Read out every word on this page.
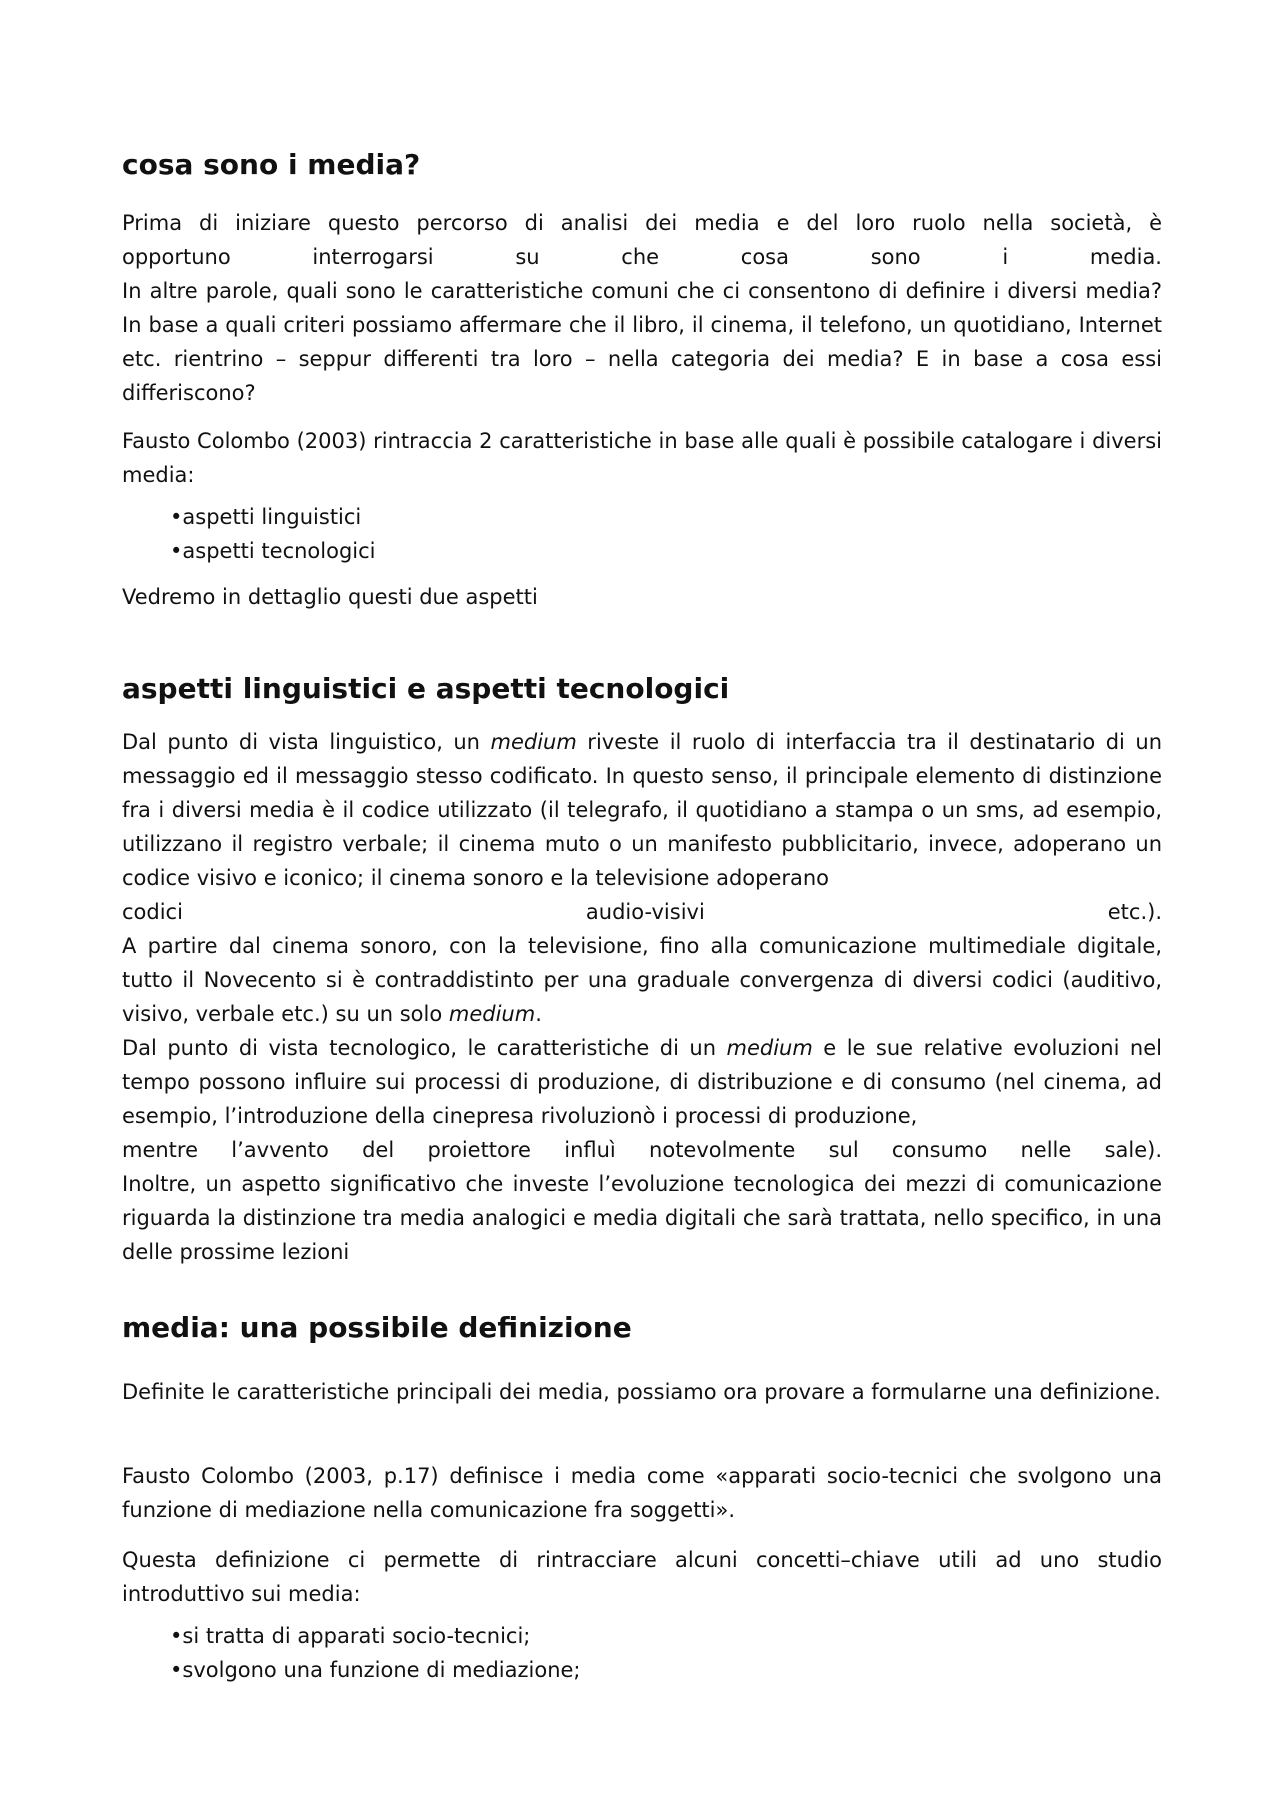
cosa sono i media?

Prima di iniziare questo percorso di analisi dei media e del loro ruolo nella società, è

opportuno interrogarsi su che cosa sono i media.

In altre parole, quali sono le caratteristiche comuni che ci consentono di definire i diversi media? In base a quali criteri possiamo affermare che il libro, il cinema, il telefono, un quotidiano, Internet etc. rientrino – seppur differenti tra loro – nella categoria dei media? E in base a cosa essi differiscono?

Fausto Colombo (2003) rintraccia 2 caratteristiche in base alle quali è possibile catalogare i diversi media:

• aspetti linguistici
• aspetti tecnologici

Vedremo in dettaglio questi due aspetti

aspetti linguistici e aspetti tecnologici

Dal punto di vista linguistico, un medium riveste il ruolo di interfaccia tra il destinatario di un messaggio ed il messaggio stesso codificato. In questo senso, il principale elemento di distinzione fra i diversi media è il codice utilizzato (il telegrafo, il quotidiano a stampa o un sms, ad esempio, utilizzano il registro verbale; il cinema muto o un manifesto pubblicitario, invece, adoperano un codice visivo e iconico; il cinema sonoro e la televisione adoperano

codici audio-visivi etc.).

A partire dal cinema sonoro, con la televisione, fino alla comunicazione multimediale digitale, tutto il Novecento si è contraddistinto per una graduale convergenza di diversi codici (auditivo, visivo, verbale etc.) su un solo medium.

Dal punto di vista tecnologico, le caratteristiche di un medium e le sue relative evoluzioni nel tempo possono influire sui processi di produzione, di distribuzione e di consumo (nel cinema, ad esempio, l’introduzione della cinepresa rivoluzionò i processi di produzione,

mentre l’avvento del proiettore influì notevolmente sul consumo nelle sale).

Inoltre, un aspetto significativo che investe l’evoluzione tecnologica dei mezzi di comunicazione riguarda la distinzione tra media analogici e media digitali che sarà trattata, nello specifico, in una delle prossime lezioni

media: una possibile definizione

Definite le caratteristiche principali dei media, possiamo ora provare a formularne una definizione.

Fausto Colombo (2003, p.17) definisce i media come «apparati socio-tecnici che svolgono una funzione di mediazione nella comunicazione fra soggetti».

Questa definizione ci permette di rintracciare alcuni concetti–chiave utili ad uno studio introduttivo sui media:

• si tratta di apparati socio-tecnici;
• svolgono una funzione di mediazione;
